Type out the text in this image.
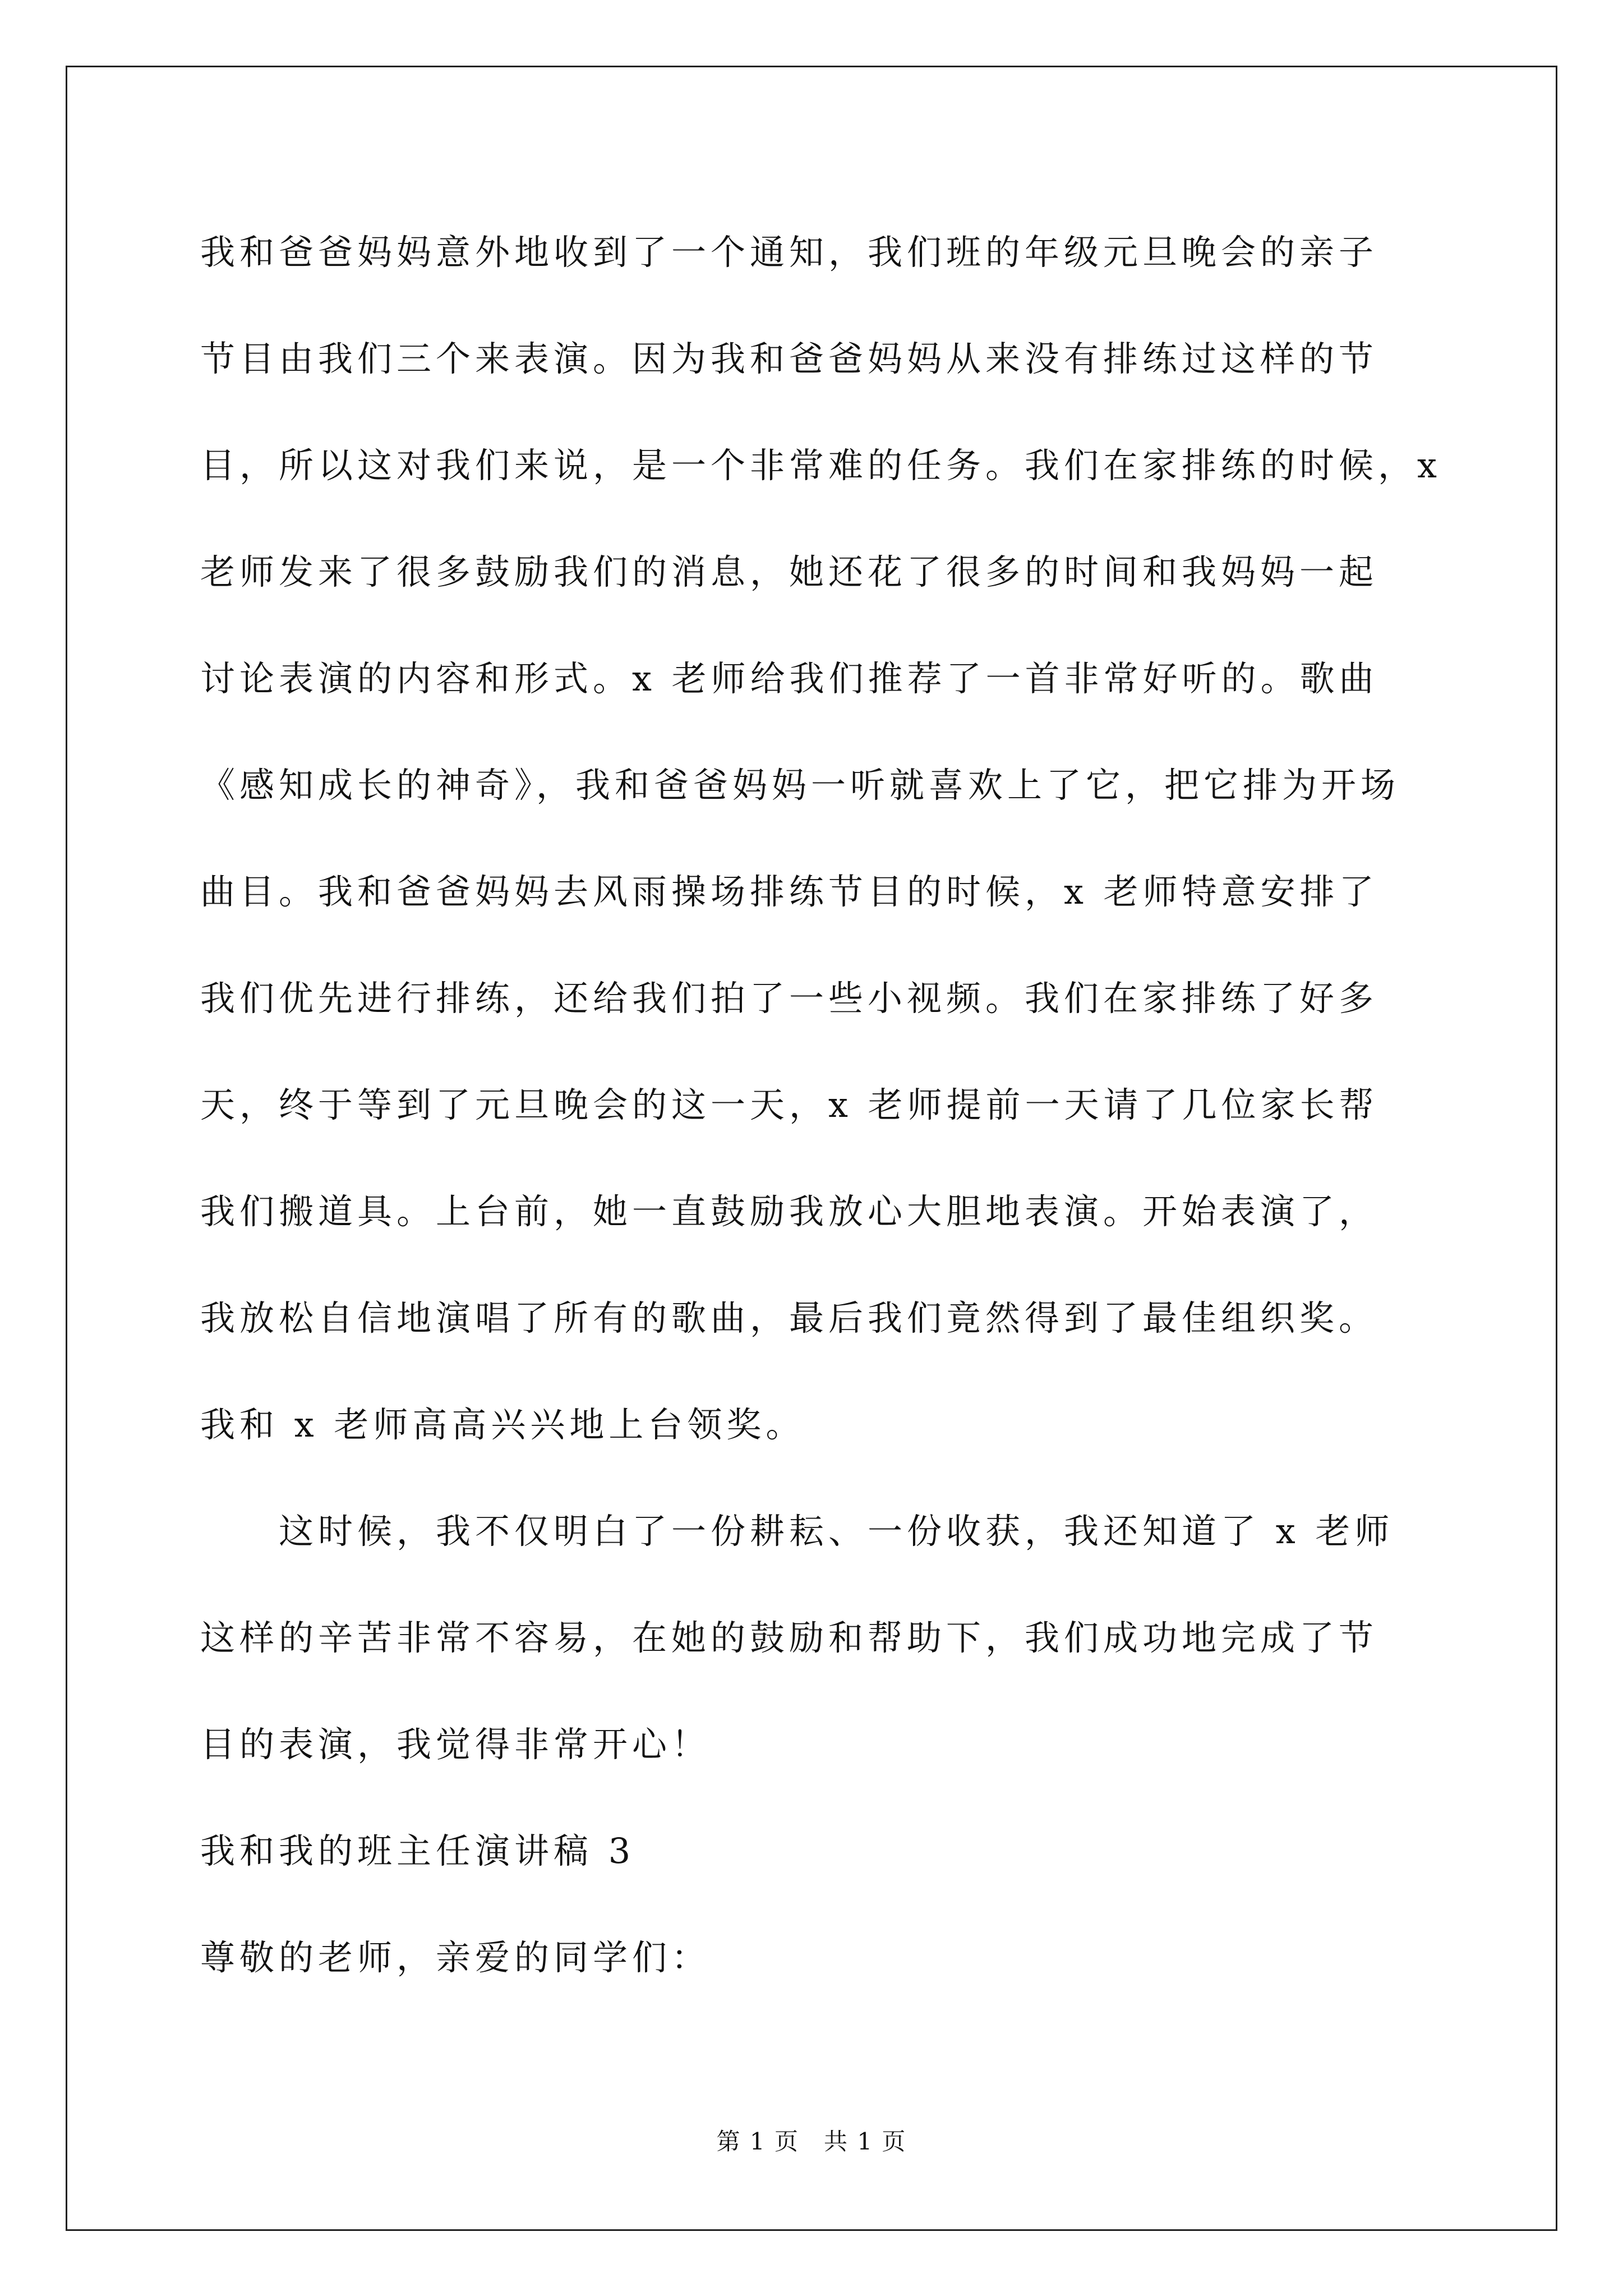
我和爸爸妈妈意外地收到了一个通知，我们班的年级元旦晚会的亲子
节目由我们三个来表演。因为我和爸爸妈妈从来没有排练过这样的节
目，所以这对我们来说，是一个非常难的任务。我们在家排练的时候，x
老师发来了很多鼓励我们的消息，她还花了很多的时间和我妈妈一起
讨论表演的内容和形式。x 老师给我们推荐了一首非常好听的。歌曲
《感知成长的神奇》，我和爸爸妈妈一听就喜欢上了它，把它排为开场
曲目。我和爸爸妈妈去风雨操场排练节目的时候，x 老师特意安排了
我们优先进行排练，还给我们拍了一些小视频。我们在家排练了好多
天，终于等到了元旦晚会的这一天，x 老师提前一天请了几位家长帮
我们搬道具。上台前，她一直鼓励我放心大胆地表演。开始表演了，
我放松自信地演唱了所有的歌曲，最后我们竟然得到了最佳组织奖。
我和 x 老师高高兴兴地上台领奖。
　　这时候，我不仅明白了一份耕耘、一份收获，我还知道了 x 老师
这样的辛苦非常不容易，在她的鼓励和帮助下，我们成功地完成了节
目的表演，我觉得非常开心！
我和我的班主任演讲稿 3
尊敬的老师，亲爱的同学们：
第 1 页　共 1 页
